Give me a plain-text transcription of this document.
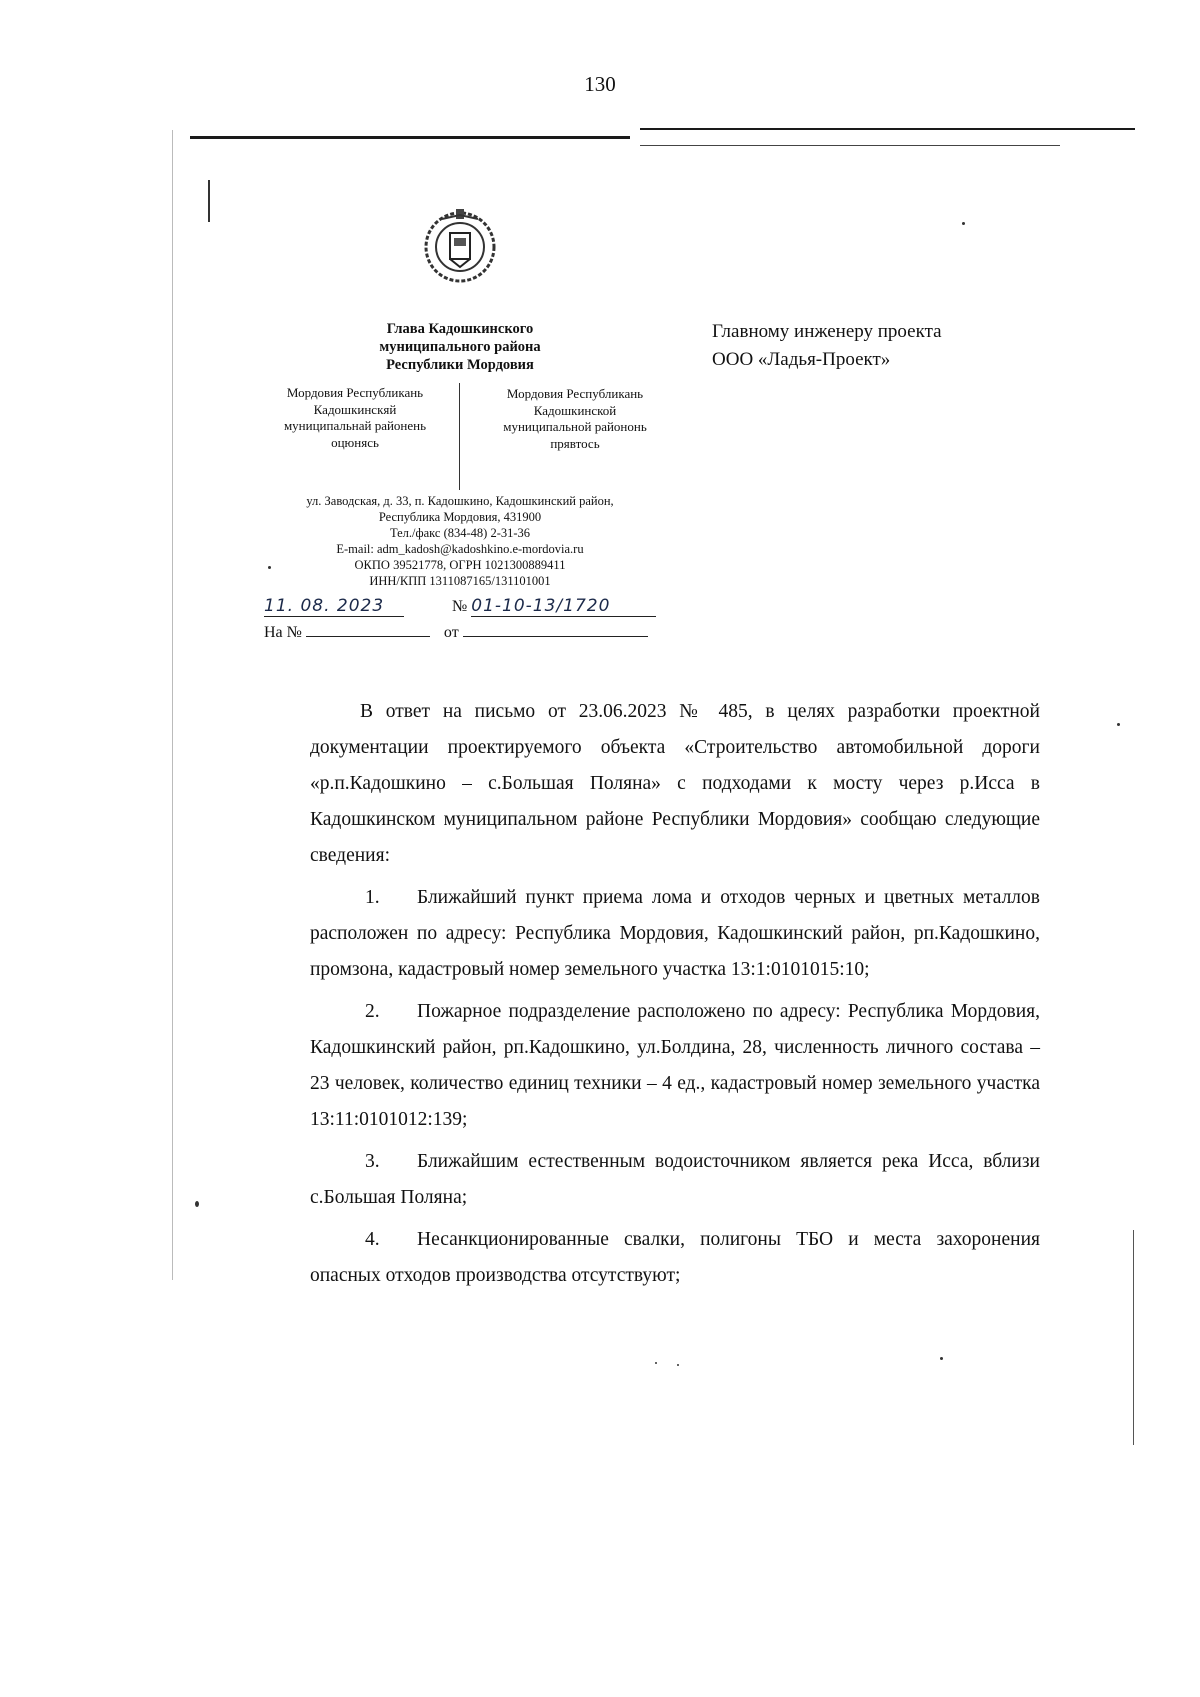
130
Глава Кадошкинского
муниципального района
Республики Мордовия
Мордовия Республикань
Кадошкинскяй
муниципальнай районень
оцюнясь
Мордовия Республикань
Кадошкинской
муниципальной райононь
прявтось
ул. Заводская, д. 33, п. Кадошкино, Кадошкинский район,
Республика Мордовия, 431900
Тел./факс (834-48) 2-31-36
E-mail: adm_kadosh@kadoshkino.e-mordovia.ru
ОКПО 39521778, ОГРН 1021300889411
ИНН/КПП 1311087165/131101001
11. 08. 2023	№ 01-10-13/1720
На №	от
Главному инженеру проекта
ООО «Ладья-Проект»

В ответ на письмо от 23.06.2023 № 485, в целях разработки проектной документации проектируемого объекта «Строительство автомобильной дороги «р.п.Кадошкино – с.Большая Поляна» с подходами к мосту через р.Исса в Кадошкинском муниципальном районе Республики Мордовия» сообщаю следующие сведения:

1. Ближайший пункт приема лома и отходов черных и цветных металлов расположен по адресу: Республика Мордовия, Кадошкинский район, рп.Кадошкино, промзона, кадастровый номер земельного участка 13:1:0101015:10;

2. Пожарное подразделение расположено по адресу: Республика Мордовия, Кадошкинский район, рп.Кадошкино, ул.Болдина, 28, численность личного состава – 23 человек, количество единиц техники – 4 ед., кадастровый номер земельного участка 13:11:0101012:139;

3. Ближайшим естественным водоисточником является река Исса, вблизи с.Большая Поляна;

4. Несанкционированные свалки, полигоны ТБО и места захоронения опасных отходов производства отсутствуют;
